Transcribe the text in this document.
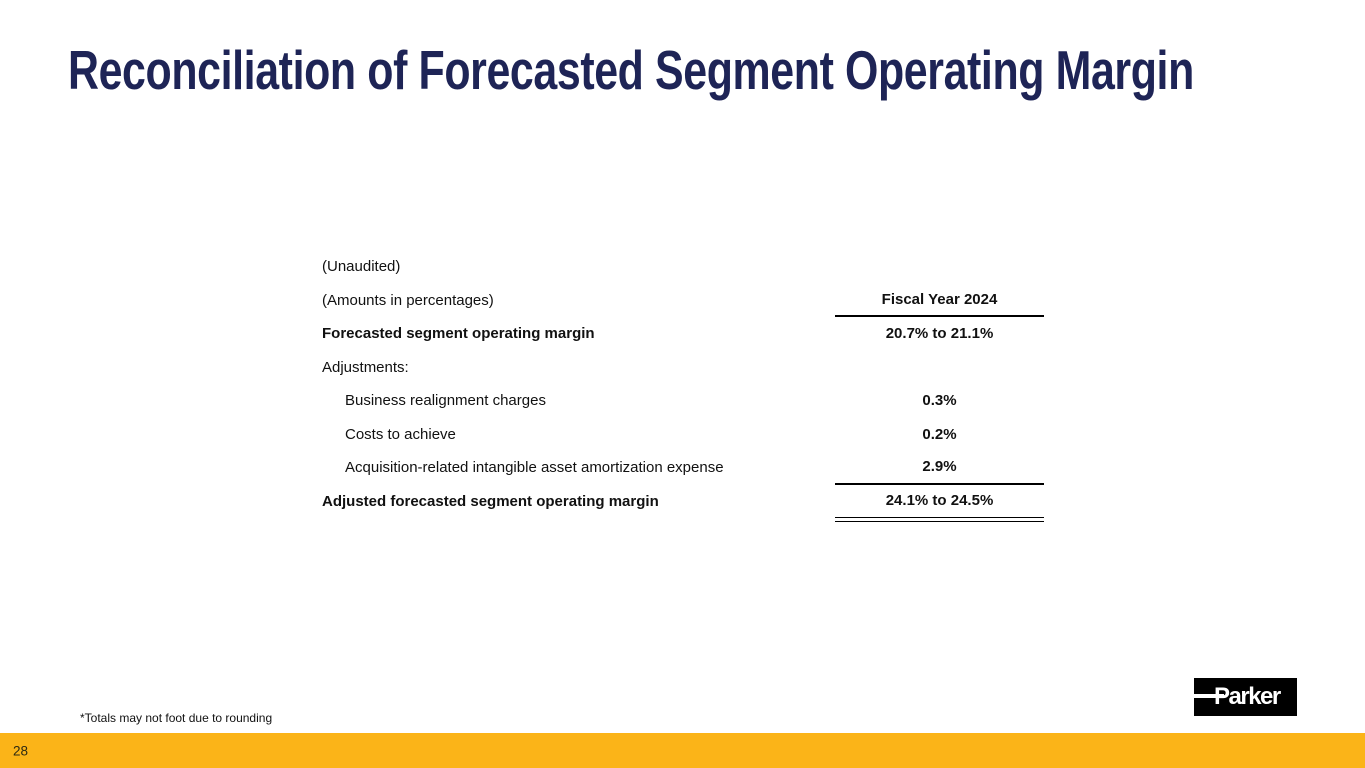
Reconciliation of Forecasted Segment Operating Margin
(Unaudited)
(Amounts in percentages)	Fiscal Year 2024
Forecasted segment operating margin	20.7% to 21.1%
Adjustments:
Business realignment charges	0.3%
Costs to achieve	0.2%
Acquisition-related intangible asset amortization expense	2.9%
Adjusted forecasted segment operating margin	24.1% to 24.5%
*Totals may not foot due to rounding
Parker
28
